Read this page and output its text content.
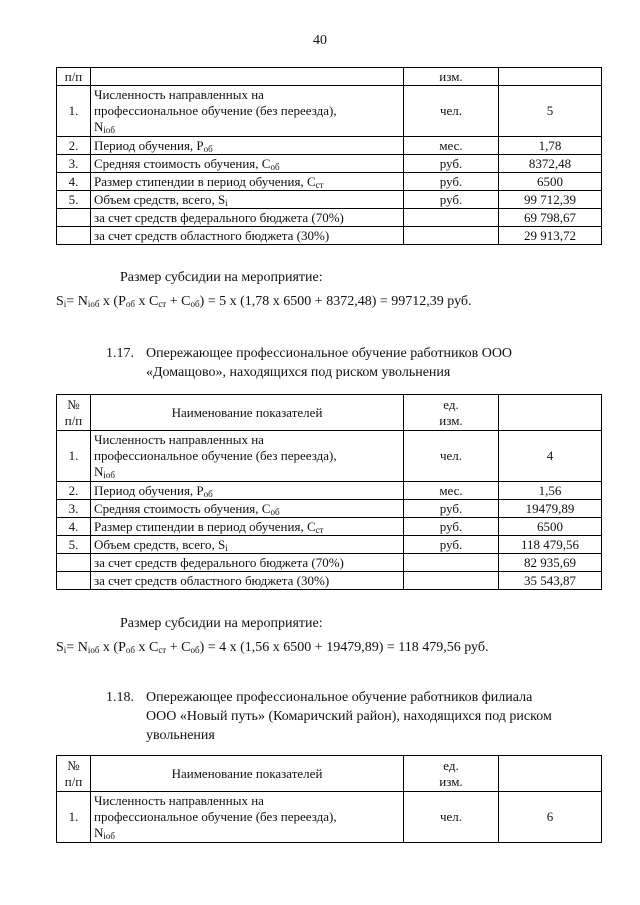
40
п/п		изм.	
1.	Численность направленных на
профессиональное обучение (без переезда),
$N_{iоб}$	чел.	5
2.	Период обучения, $Р_{об}$	мес.	1,78
3.	Средняя стоимость обучения, $С_{об}$	руб.	8372,48
4.	Размер стипендии в период обучения, $С_{ст}$	руб.	6500
5.	Объем средств, всего, $S_i$	руб.	99 712,39
	за счет средств федерального бюджета (70%)		69 798,67
	за счет средств областного бюджета (30%)		29 913,72
Размер субсидии на мероприятие:
$S_i= N_{iоб}$ х ($Р_{об}$ х $С_{ст} + С_{об}) = 5$ х (1,78 х 6500 + 8372,48) = 99712,39 руб.
1.17. Опережающее профессиональное обучение работников ООО
«Домащово», находящихся под риском увольнения
№
п/п	Наименование показателей	ед.
изм.	
1.	Численность направленных на
профессиональное обучение (без переезда),
$N_{iоб}$	чел.	4
2.	Период обучения, $Р_{об}$	мес.	1,56
3.	Средняя стоимость обучения, $С_{об}$	руб.	19479,89
4.	Размер стипендии в период обучения, $С_{ст}$	руб.	6500
5.	Объем средств, всего, $S_i$	руб.	118 479,56
	за счет средств федерального бюджета (70%)		82 935,69
	за счет средств областного бюджета (30%)		35 543,87
Размер субсидии на мероприятие:
$S_i= N_{iоб}$ х ($Р_{об}$ х $С_{ст} + С_{об}) = 4$ х (1,56 х 6500 + 19479,89) = 118 479,56 руб.
1.18. Опережающее профессиональное обучение работников филиала
ООО «Новый путь» (Комаричский район), находящихся под риском
увольнения
№
п/п	Наименование показателей	ед.
изм.	
1.	Численность направленных на
профессиональное обучение (без переезда),
$N_{iоб}$	чел.	6
